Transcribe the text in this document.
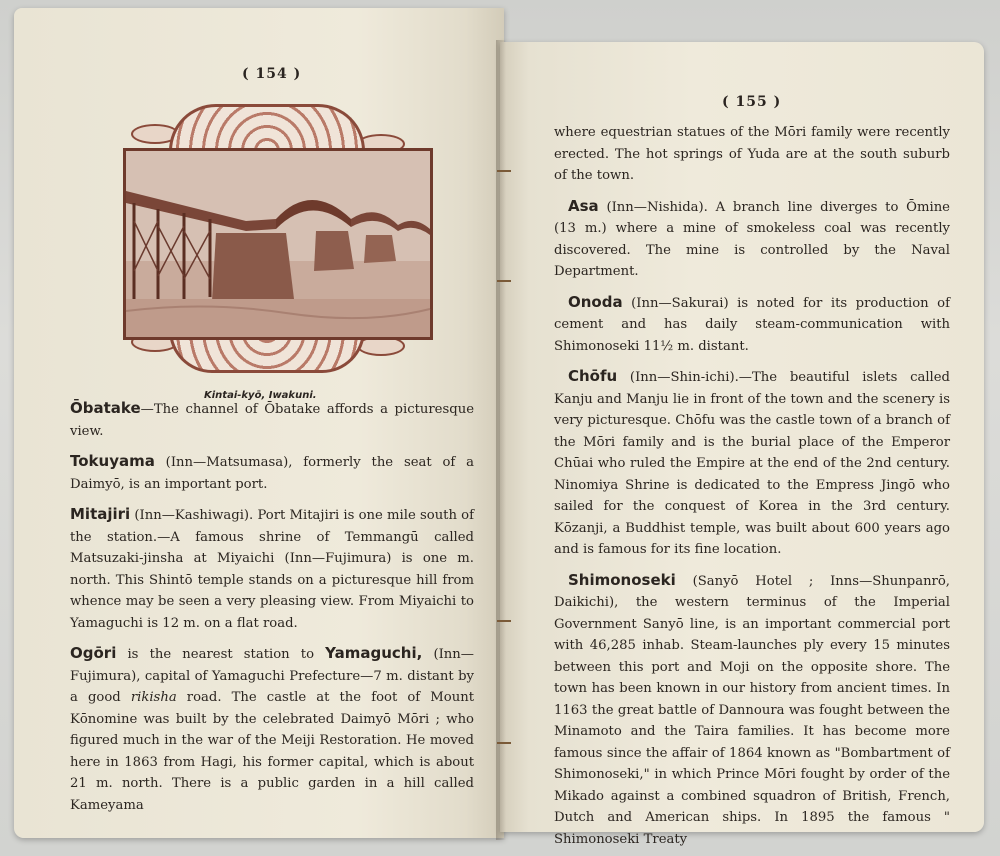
( 154 )
Kintai-kyō, Iwakuni.

Ōbatake—The channel of Ōbatake affords a picturesque view.

Tokuyama (Inn—Matsumasa), formerly the seat of a Daimyō, is an important port.

Mitajiri (Inn—Kashiwagi). Port Mitajiri is one mile south of the station.—A famous shrine of Temmangū called Matsuzaki-jinsha at Miyaichi (Inn—Fujimura) is one m. north. This Shintō temple stands on a picturesque hill from whence may be seen a very pleasing view. From Miyaichi to Yamaguchi is 12 m. on a flat road.

Ogōri is the nearest station to Yamaguchi, (Inn—Fujimura), capital of Yamaguchi Prefecture—7 m. distant by a good rikisha road. The castle at the foot of Mount Kōnomine was built by the celebrated Daimyō Mōri ; who figured much in the war of the Meiji Restoration. He moved here in 1863 from Hagi, his former capital, which is about 21 m. north. There is a public garden in a hill called Kameyama

( 155 )

where equestrian statues of the Mōri family were recently erected. The hot springs of Yuda are at the south suburb of the town.

Asa (Inn—Nishida). A branch line diverges to Ōmine (13 m.) where a mine of smokeless coal was recently discovered. The mine is controlled by the Naval Department.

Onoda (Inn—Sakurai) is noted for its production of cement and has daily steam-communication with Shimonoseki 11½ m. distant.

Chōfu (Inn—Shin-ichi).—The beautiful islets called Kanju and Manju lie in front of the town and the scenery is very picturesque. Chōfu was the castle town of a branch of the Mōri family and is the burial place of the Emperor Chūai who ruled the Empire at the end of the 2nd century. Ninomiya Shrine is dedicated to the Empress Jingō who sailed for the conquest of Korea in the 3rd century. Kōzanji, a Buddhist temple, was built about 600 years ago and is famous for its fine location.

Shimonoseki (Sanyō Hotel ; Inns—Shunpanrō, Daikichi), the western terminus of the Imperial Government Sanyō line, is an important commercial port with 46,285 inhab. Steam-launches ply every 15 minutes between this port and Moji on the opposite shore. The town has been known in our history from ancient times. In 1163 the great battle of Dannoura was fought between the Minamoto and the Taira families. It has become more famous since the affair of 1864 known as "Bombartment of Shimonoseki," in which Prince Mōri fought by order of the Mikado against a combined squadron of British, French, Dutch and American ships. In 1895 the famous " Shimonoseki Treaty
